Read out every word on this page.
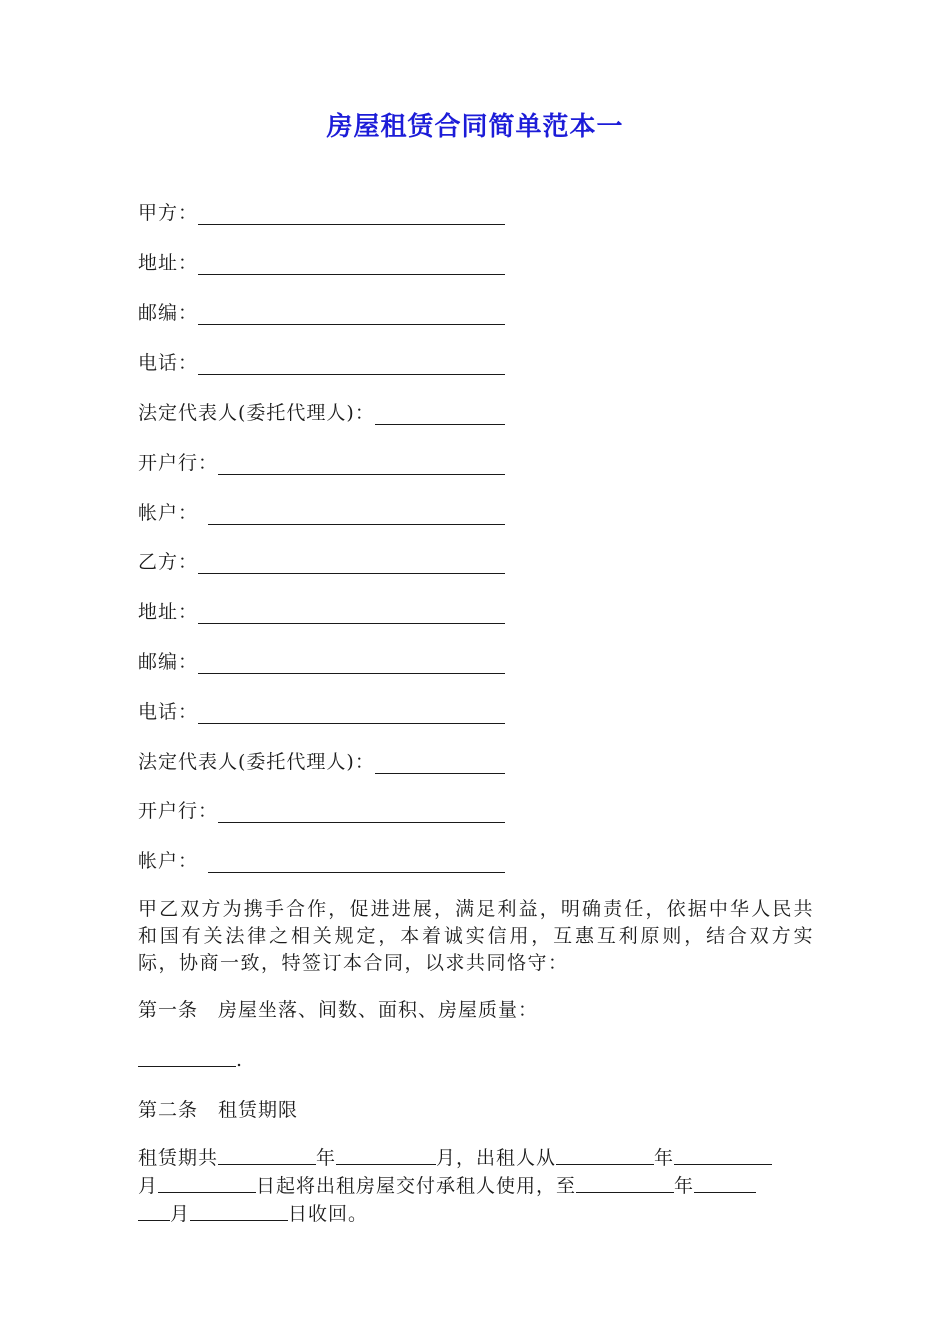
房屋租赁合同简单范本一
甲方：
地址：
邮编：
电话：
法定代表人(委托代理人)：
开户行：
帐户：
乙方：
地址：
邮编：
电话：
法定代表人(委托代理人)：
开户行：
帐户：
甲乙双方为携手合作，促进进展，满足利益，明确责任，依据中华人民共和国有关法律之相关规定，本着诚实信用，互惠互利原则，结合双方实际，协商一致，特签订本合同，以求共同恪守：
第一条　房屋坐落、间数、面积、房屋质量：
.
第二条　租赁期限
租赁期共	年	月，出租人从	年
月	日起将出租房屋交付承租人使用，至	年
月	日收回。
